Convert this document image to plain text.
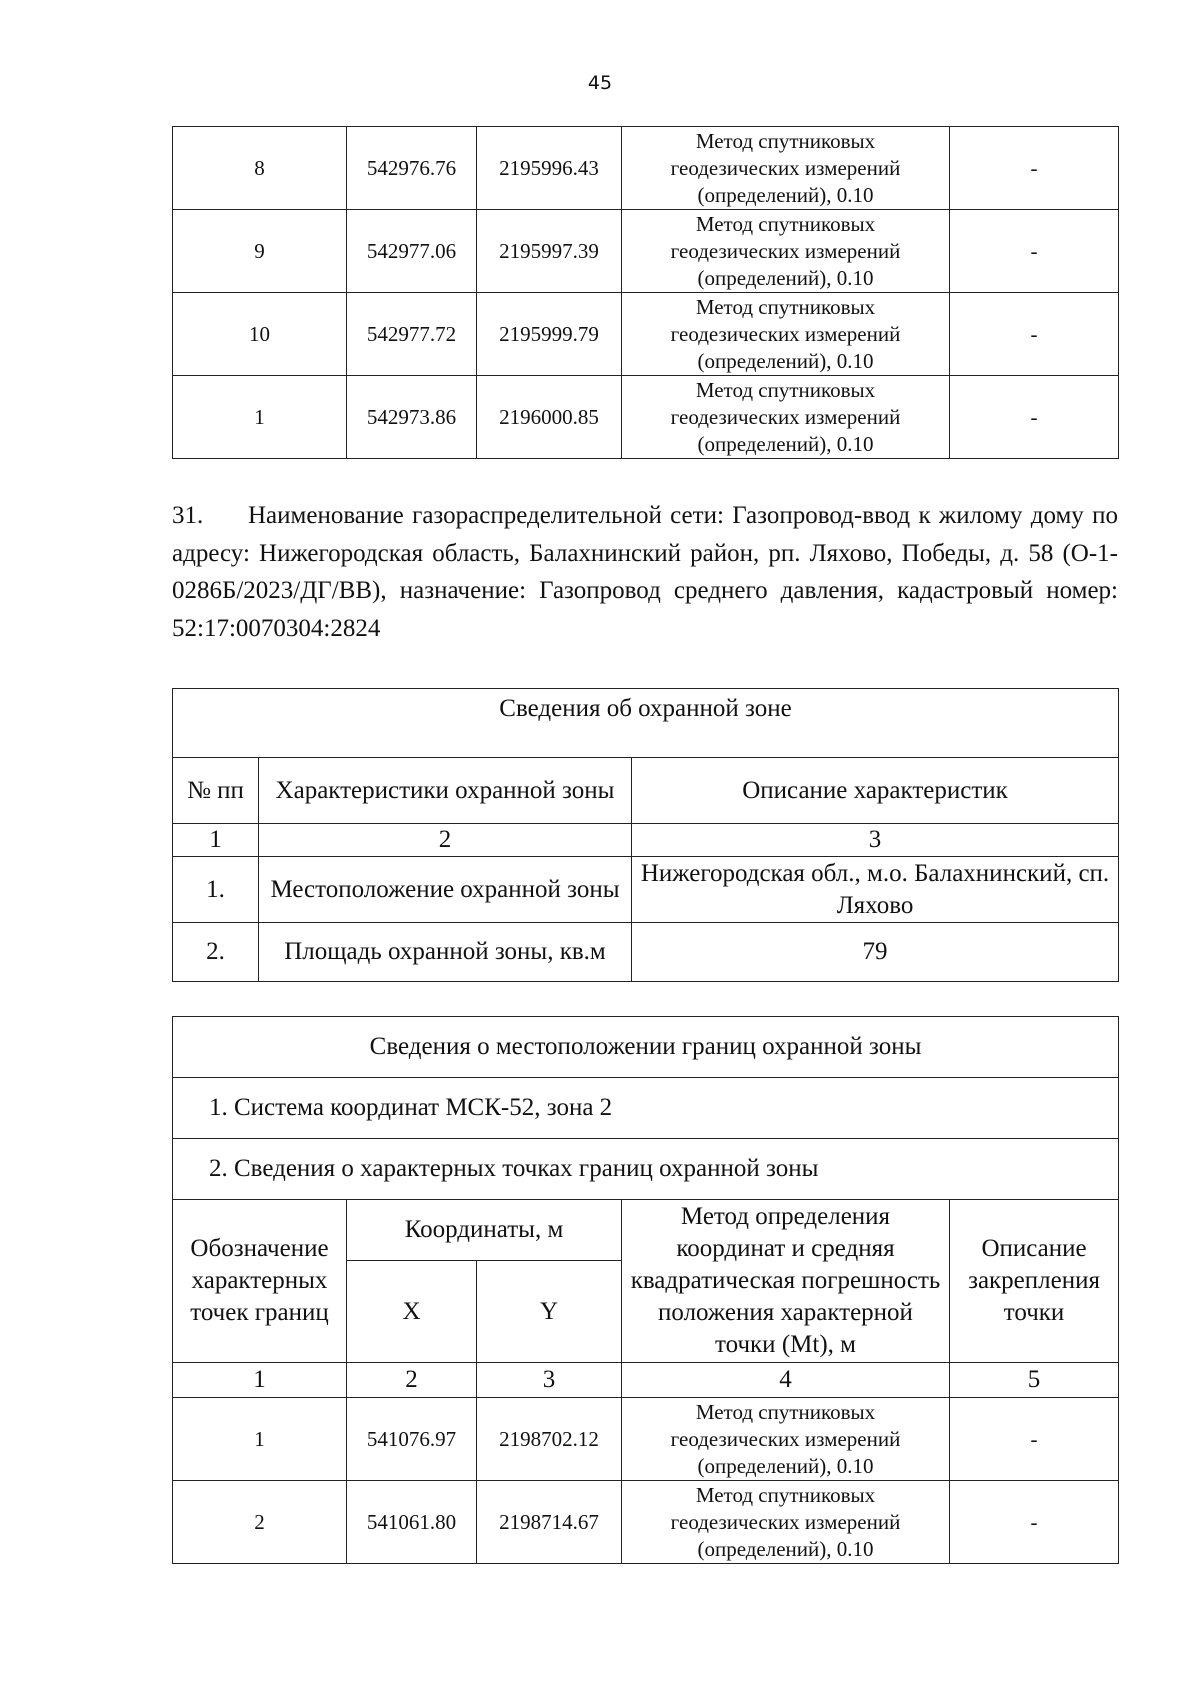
45
8	542976.76	2195996.43	Метод спутниковых
геодезических измерений
(определений), 0.10	-
9	542977.06	2195997.39	Метод спутниковых
геодезических измерений
(определений), 0.10	-
10	542977.72	2195999.79	Метод спутниковых
геодезических измерений
(определений), 0.10	-
1	542973.86	2196000.85	Метод спутниковых
геодезических измерений
(определений), 0.10	-
31. Наименование газораспределительной сети: Газопровод-ввод к жилому дому по адресу: Нижегородская область, Балахнинский район, рп. Ляхово, Победы, д. 58 (О-1-0286Б/2023/ДГ/ВВ), назначение: Газопровод среднего давления, кадастровый номер: 52:17:0070304:2824
Сведения об охранной зоне		
№ пп	Характеристики охранной зоны	Описание характеристик
1	2	3
1.	Местоположение охранной зоны	Нижегородская обл., м.о. Балахнинский, сп. Ляхово
2.	Площадь охранной зоны, кв.м	79
Сведения о местоположении границ охранной зоны				
1. Система координат МСК-52, зона 2				
2. Сведения о характерных точках границ охранной зоны				
Обозначение характерных точек границ	Координаты, м		Метод определения координат и средняя квадратическая погрешность положения характерной точки (Mt), м	Описание закрепления точки
	X	Y		
1	2	3	4	5
1	541076.97	2198702.12	Метод спутниковых
геодезических измерений
(определений), 0.10	-
2	541061.80	2198714.67	Метод спутниковых
геодезических измерений
(определений), 0.10	-
